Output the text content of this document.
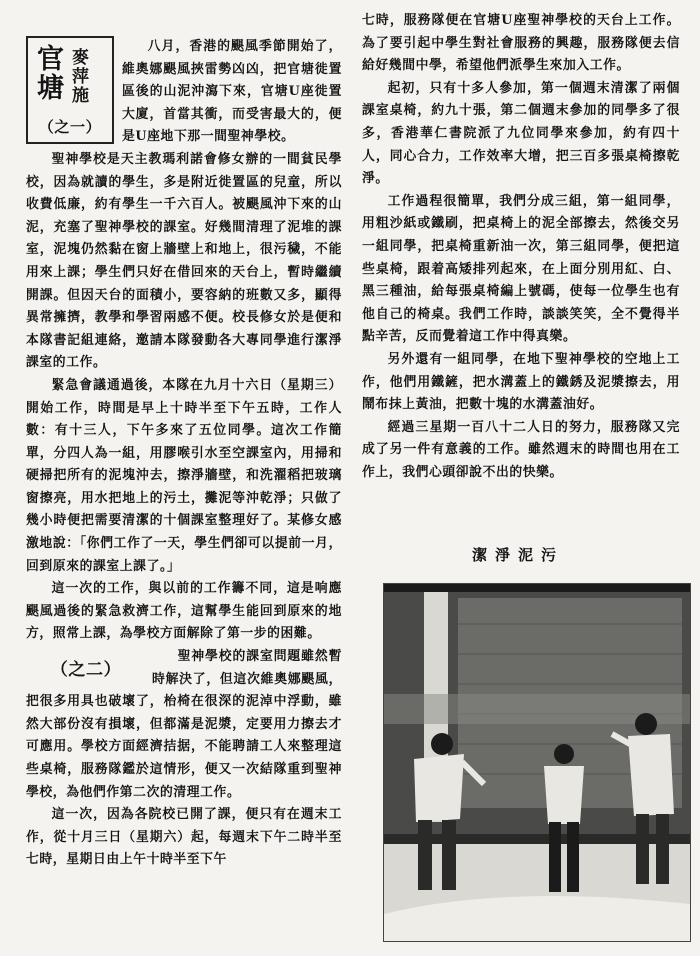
官塘 麥萍施
（之一）

八月，香港的颶風季節開始了，維奧娜颶風挾雷勢凶凶，把官塘徙置區後的山泥沖瀉下來，官塘U座徙置大廈，首當其衝，而受害最大的，便是U座地下那一間聖神學校。

聖神學校是天主教瑪利諾會修女辦的一間貧民學校，因為就讀的學生，多是附近徙置區的兒童，所以收費低廉，約有學生一千六百人。被颶風沖下來的山泥，充塞了聖神學校的課室。好幾間清理了泥堆的課室，泥塊仍然黏在窗上牆壁上和地上，很污穢，不能用來上課；學生們只好在借回來的天台上，暫時繼續開課。但因天台的面積小，要容納的班數又多，顯得異常擁擠，教學和學習兩感不便。校長修女於是便和本隊書記組連絡，邀請本隊發動各大專同學進行潔淨課室的工作。

緊急會議通過後，本隊在九月十六日（星期三）開始工作，時間是早上十時半至下午五時，工作人數：有十三人，下午多來了五位同學。這次工作簡單，分四人為一組，用膠喉引水至空課室內，用掃和硬掃把所有的泥塊沖去，擦淨牆壁，和洗濯稻把玻璃窗擦亮，用水把地上的污土，攤泥等沖乾淨；只做了幾小時便把需要清潔的十個課室整理好了。某修女感激地說：「你們工作了一天，學生們卻可以提前一月，回到原來的課室上課了。」

這一次的工作，與以前的工作籌不同，這是响應颶風過後的緊急救濟工作，這幫學生能回到原來的地方，照常上課，為學校方面解除了第一步的困難。

（之二）

聖神學校的課室問題雖然暫時解決了，但這次維奧娜颶風，把很多用具也破壞了，枱椅在很深的泥淖中浮動，雖然大部份沒有損壞，但都滿是泥漿，定要用力擦去才可應用。學校方面經濟拮据，不能聘請工人來整理這些桌椅，服務隊鑑於這情形，便又一次結隊重到聖神學校，為他們作第二次的清理工作。

這一次，因為各院校已開了課，便只有在週末工作，從十月三日（星期六）起，每週末下午二時半至七時，星期日由上午十時半至下午

七時，服務隊便在官塘U座聖神學校的天台上工作。為了要引起中學生對社會服務的興趣，服務隊便去信給好幾間中學，希望他們派學生來加入工作。

起初，只有十多人參加，第一個週末清潔了兩個課室桌椅，約九十張，第二個週末參加的同學多了很多，香港華仁書院派了九位同學來參加，約有四十人，同心合力，工作效率大增，把三百多張桌椅擦乾淨。

工作過程很簡單，我們分成三組，第一組同學，用粗沙紙或鐵刷，把桌椅上的泥全部擦去，然後交另一組同學，把桌椅重新油一次，第三組同學，便把這些桌椅，跟着高矮排列起來，在上面分別用紅、白、黑三種油，給每張桌椅編上號碼，使每一位學生也有他自己的椅桌。我們工作時，談談笑笑，全不覺得半點辛苦，反而覺着這工作中得真樂。

另外還有一組同學，在地下聖神學校的空地上工作，他們用鐵鏟，把水溝蓋上的鐵銹及泥漿擦去，用鬧布抹上黃油，把數十塊的水溝蓋油好。

經過三星期一百八十二人日的努力，服務隊又完成了另一件有意義的工作。雖然週末的時間也用在工作上，我們心頭卻說不出的快樂。

潔淨泥污
